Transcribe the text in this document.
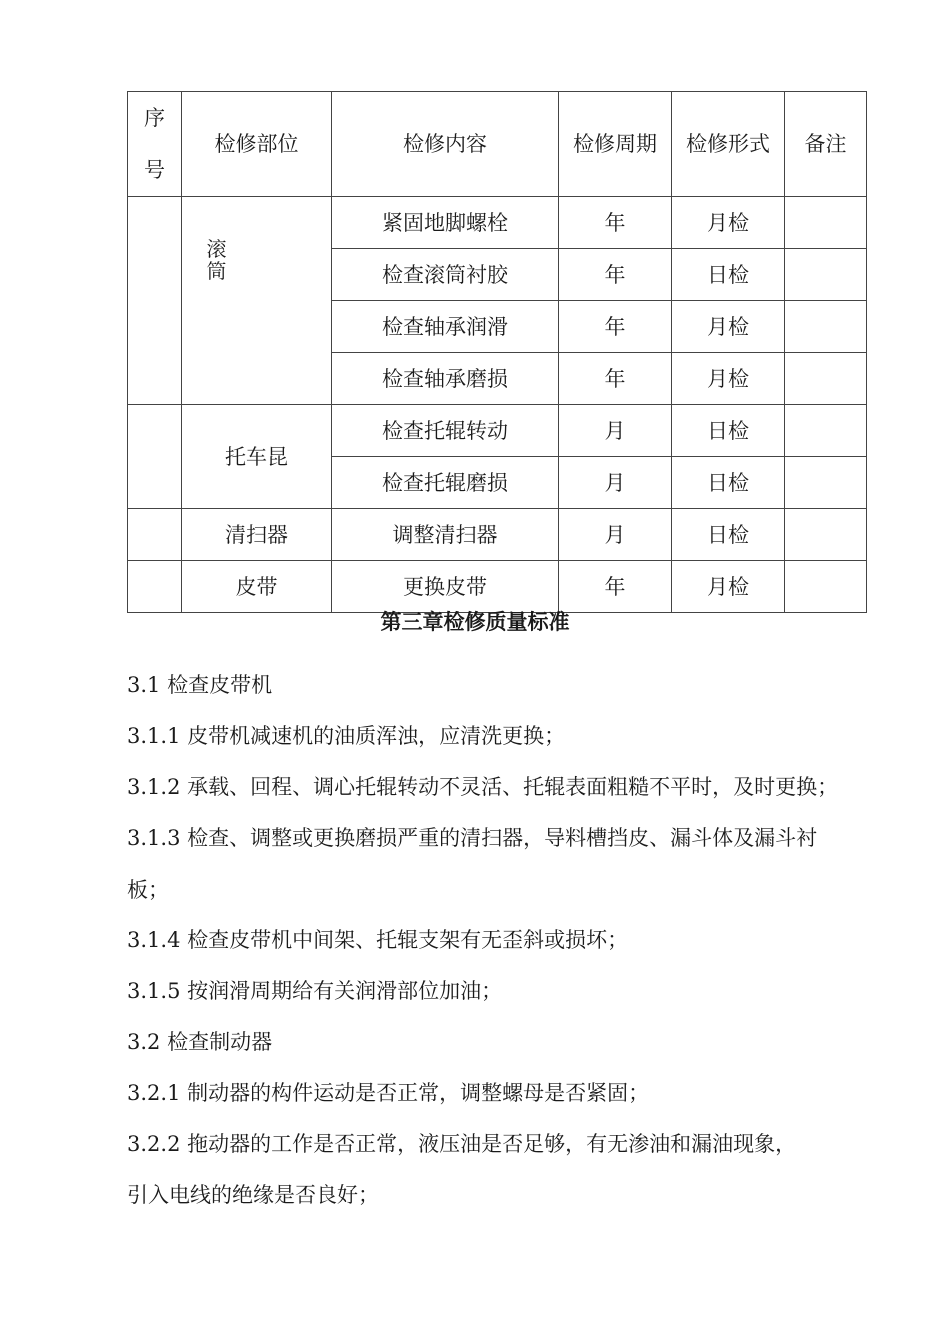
序号	检修部位	检修内容	检修周期	检修形式	备注
	滚筒	紧固地脚螺栓	年	月检	
		检查滚筒衬胶	年	日检	
		检查轴承润滑	年	月检	
		检查轴承磨损	年	月检	
	托车昆	检查托辊转动	月	日检	
		检查托辊磨损	月	日检	
	清扫器	调整清扫器	月	日检	
	皮带	更换皮带	年	月检	
第三章检修质量标准

3.1 检查皮带机

3.1.1 皮带机减速机的油质浑浊，应清洗更换；

3.1.2 承载、回程、调心托辊转动不灵活、托辊表面粗糙不平时，及时更换；

3.1.3 检查、调整或更换磨损严重的清扫器，导料槽挡皮、漏斗体及漏斗衬板；

3.1.4 检查皮带机中间架、托辊支架有无歪斜或损坏；

3.1.5 按润滑周期给有关润滑部位加油；

3.2 检查制动器

3.2.1 制动器的构件运动是否正常，调整螺母是否紧固；

3.2.2 拖动器的工作是否正常，液压油是否足够，有无渗油和漏油现象，

引入电线的绝缘是否良好；
